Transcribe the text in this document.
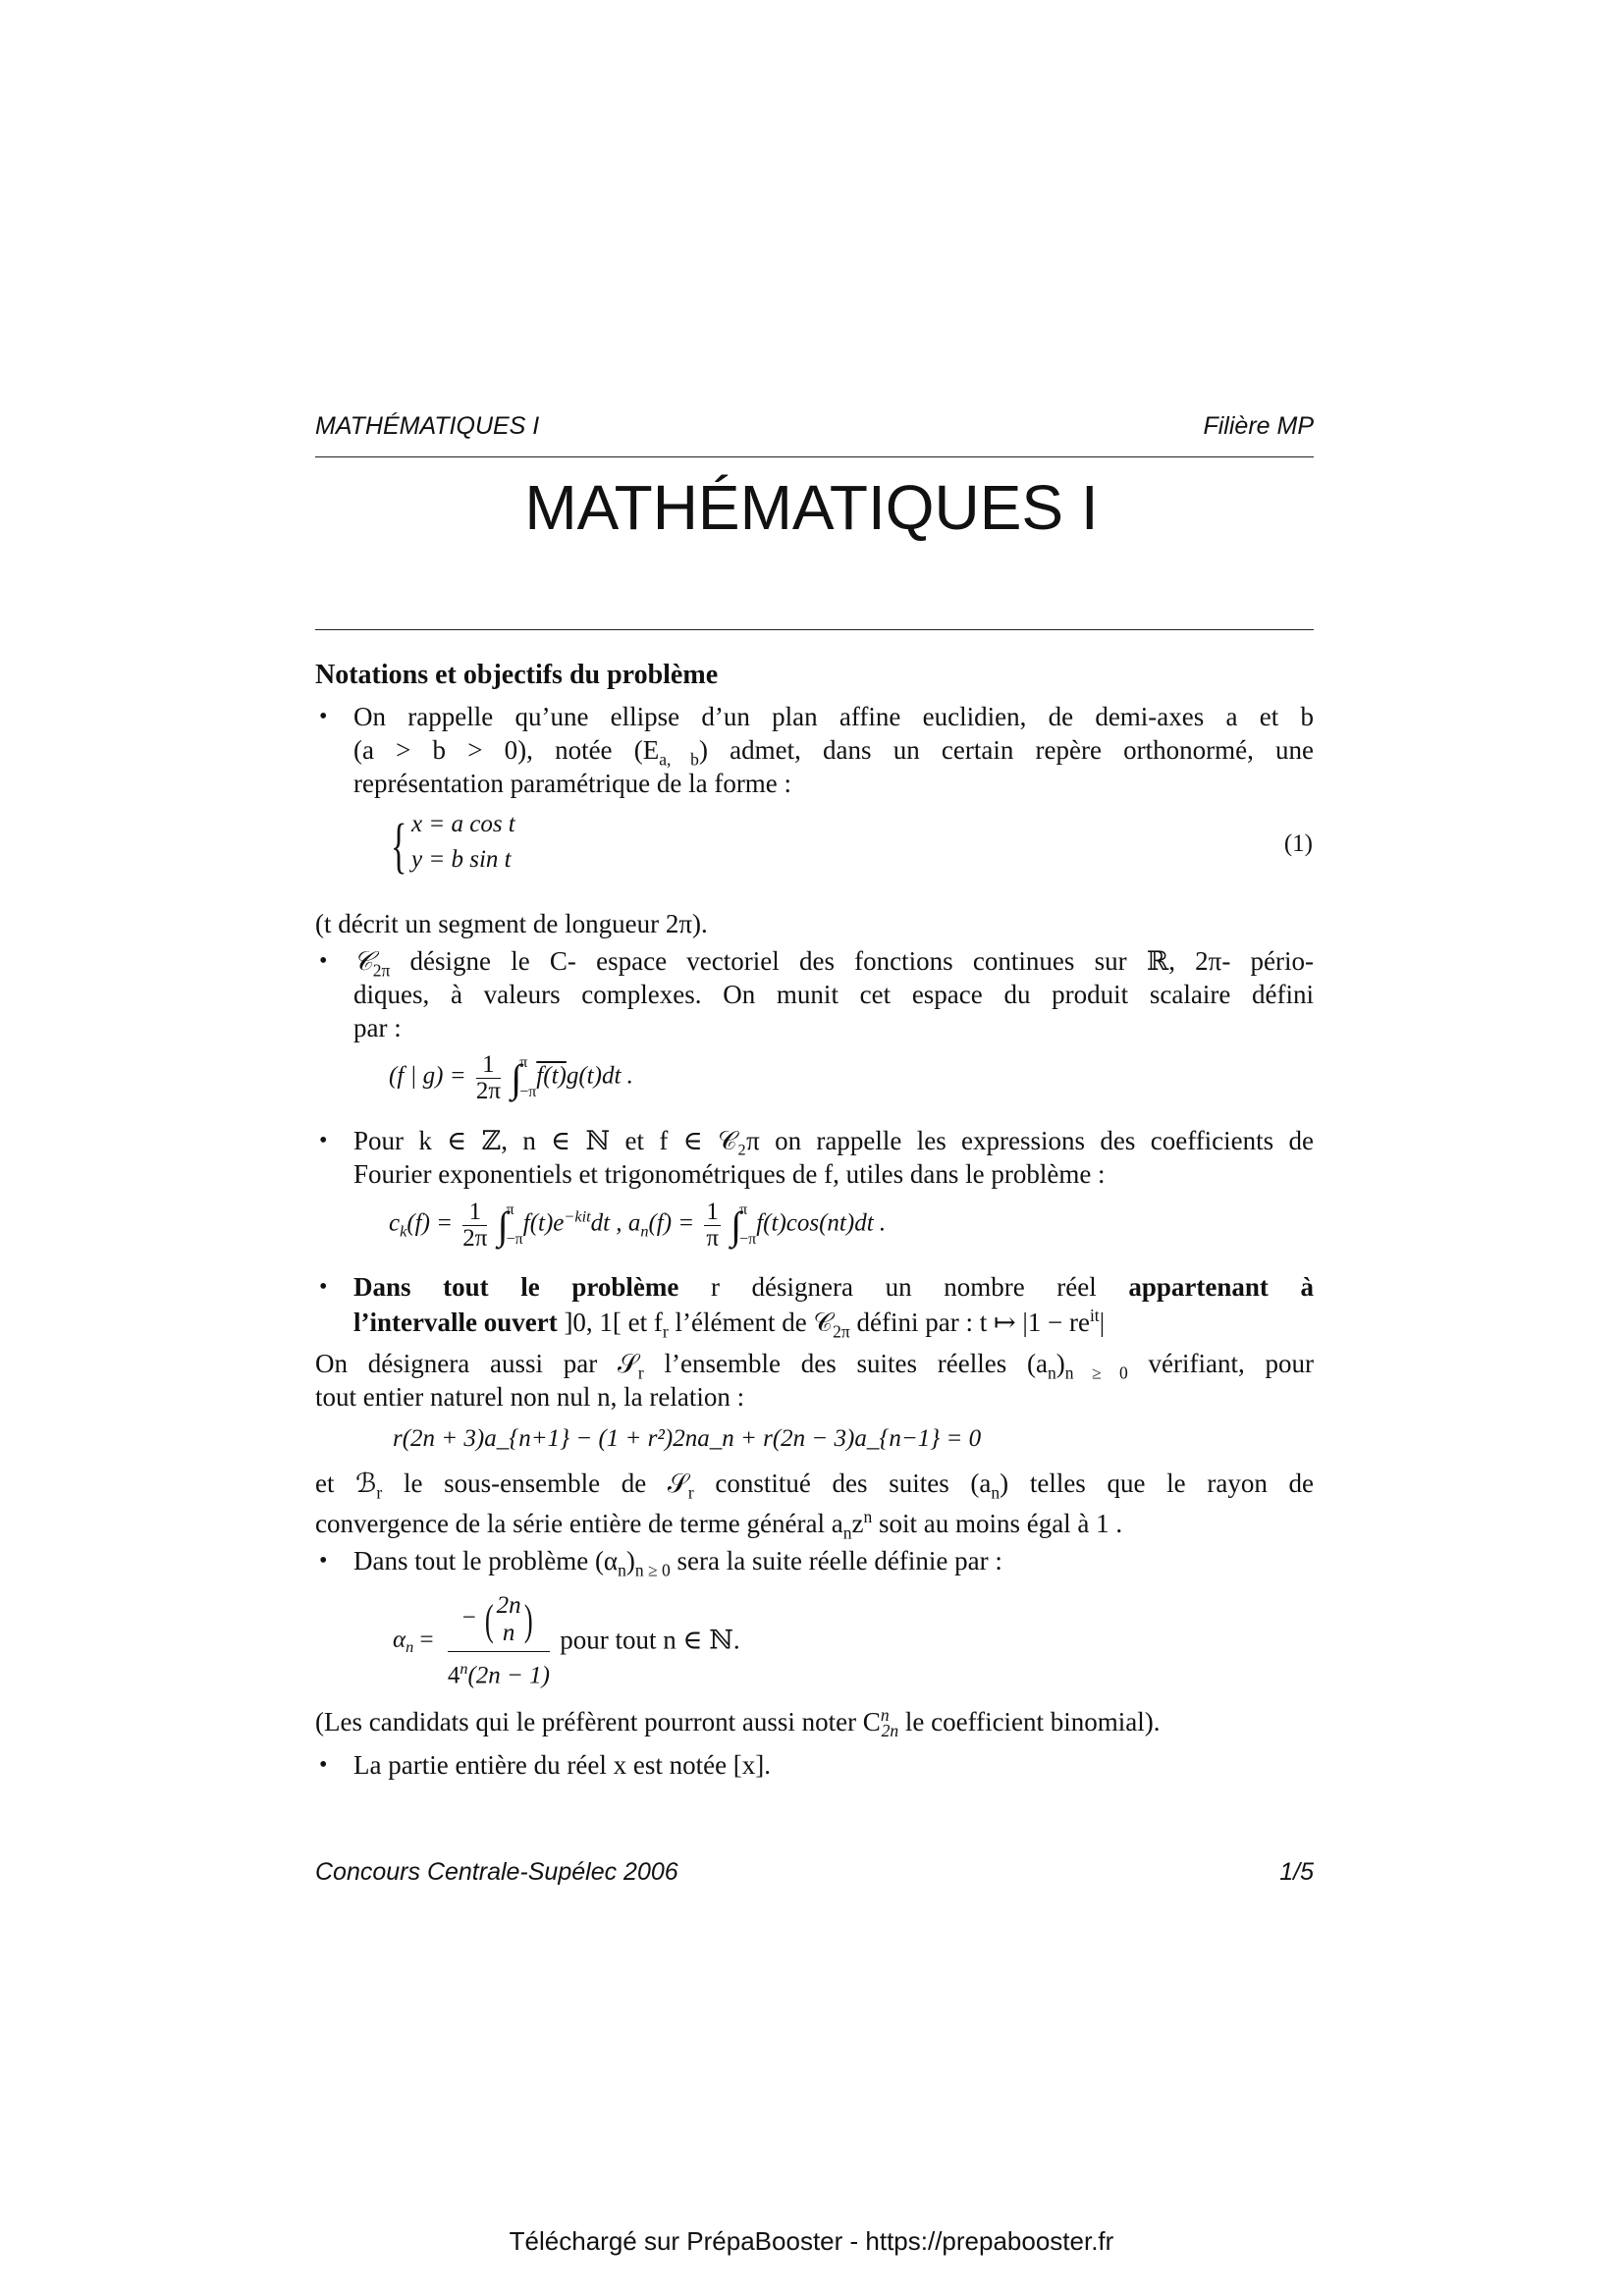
MATHÉMATIQUES I	Filière MP
MATHÉMATIQUES I
Notations et objectifs du problème
• On rappelle qu’une ellipse d’un plan affine euclidien, de demi-axes a et b
(a > b > 0), notée $(E_{a, b})$ admet, dans un certain repère orthonormé, une
représentation paramétrique de la forme :
{ x = a cos t
y = b sin t
(1)
(t décrit un segment de longueur 2π).
• 𝒞$_{2\pi}$ désigne le C- espace vectoriel des fonctions continues sur ℝ, 2π- pério-
diques, à valeurs complexes. On munit cet espace du produit scalaire défini
par :
(f | $g) = \frac{1}{2\pi}$ ∫
π
−π
f(t)g(t)dt .
• Pour k ∈ ℤ, n ∈ ℕ et f ∈ 𝒞₂π on rappelle les expressions des coefficients de
Fourier exponentiels et trigonométriques de f, utiles dans le problème :
$c_k(f) = \frac{1}{2\pi}$ ∫
π
−π
$f(t)e^{-kit}dt$ , $a_n(f) = \frac{1}{\pi}$ ∫
π
−π
f(t)cos(nt)dt .
• Dans tout le problème r désignera un nombre réel appartenant à
l’intervalle ouvert ]0, 1[ et $f_r$ l’élément de 𝒞$_{2\pi}$ défini par : t ↦ $|1 - re^{it}|$
On désignera aussi par 𝒮$_r$ l’ensemble des suites réelles $(a_n)_{n \ge 0}$ vérifiant, pour
tout entier naturel non nul n, la relation :
r(2n + 3)a_{n+1} − (1 + r²)2na_n + r(2n − 3)a_{n−1} = 0
et ℬ$_r$ le sous-ensemble de 𝒮$_r$ constitué des suites $(a_n)$ telles que le rayon de
convergence de la série entière de terme général $a_nz^n$ soit au moins égal à 1 .
• Dans tout le problème $(\alpha_n)_{n \ge 0}$ sera la suite réelle définie par :
$\alpha_n$ = − ( 2n
n )
$4^n(2n - 1)$ pour tout n ∈ ℕ.
(Les candidats qui le préfèrent pourront aussi noter $C^n_{2n}$ le coefficient binomial).
• La partie entière du réel x est notée [x].
Concours Centrale-Supélec 2006	1/5
Téléchargé sur PrépaBooster - https://prepabooster.fr
